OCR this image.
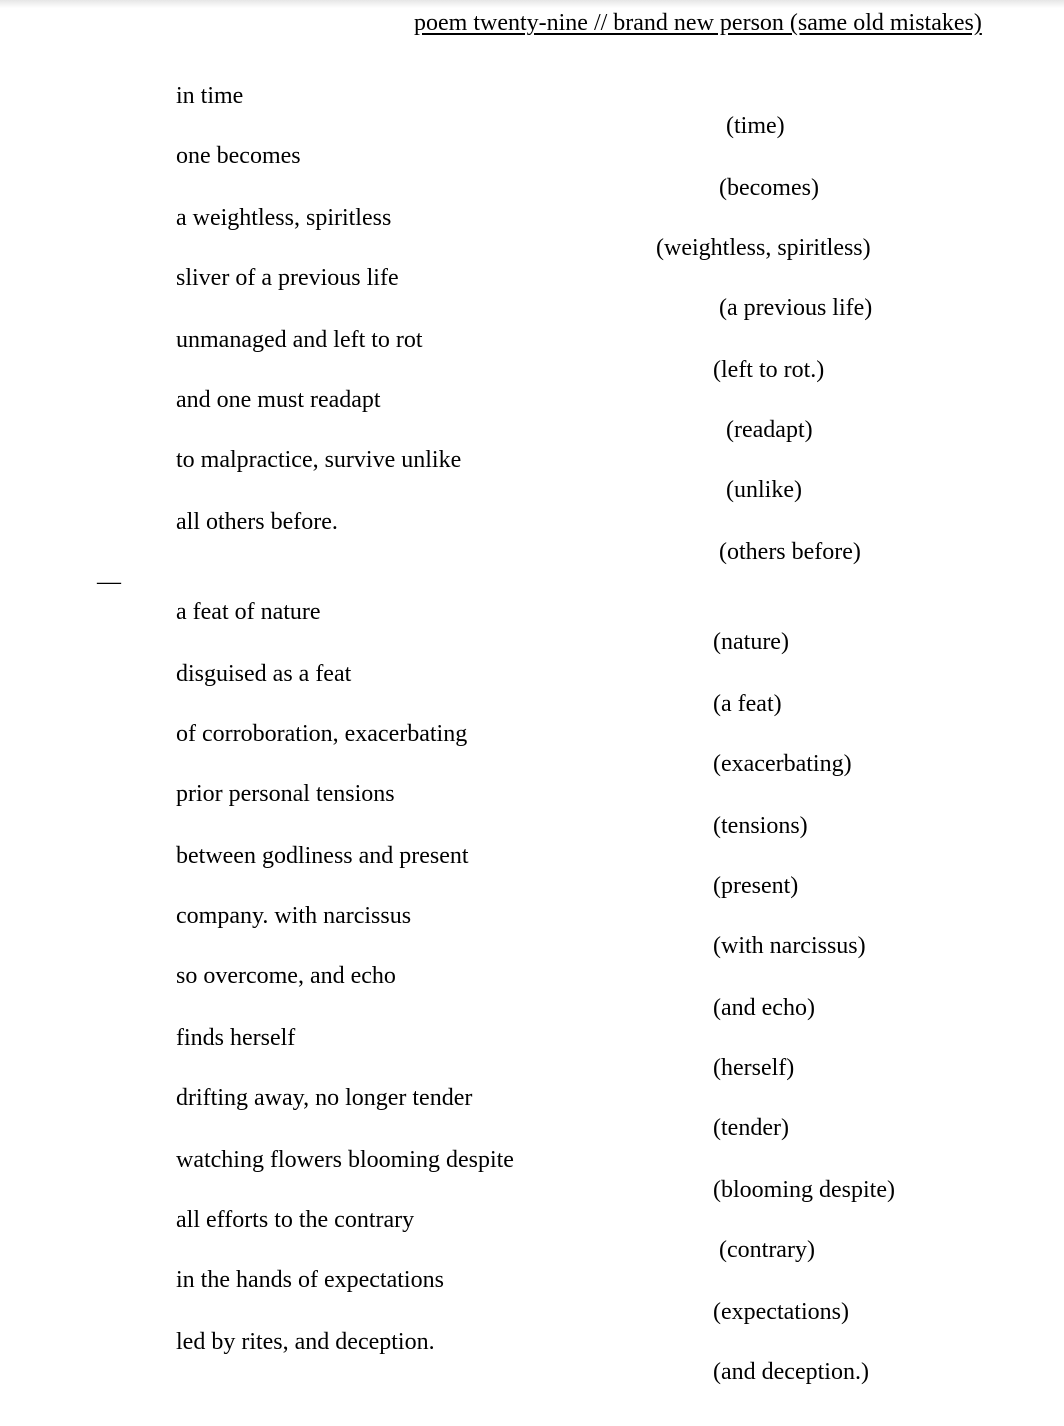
poem twenty-nine // brand new person (same old mistakes)
—
in time
one becomes
a weightless, spiritless
sliver of a previous life
unmanaged and left to rot
and one must readapt
to malpractice, survive unlike
all others before.
(time)
(becomes)
(weightless, spiritless)
(a previous life)
(left to rot.)
(readapt)
(unlike)
(others before)
a feat of nature
disguised as a feat
of corroboration, exacerbating
prior personal tensions
between godliness and present
company. with narcissus
so overcome, and echo
finds herself
drifting away, no longer tender
watching flowers blooming despite
all efforts to the contrary
in the hands of expectations
led by rites, and deception.
(nature)
(a feat)
(exacerbating)
(tensions)
(present)
(with narcissus)
(and echo)
(herself)
(tender)
(blooming despite)
(contrary)
(expectations)
(and deception.)
